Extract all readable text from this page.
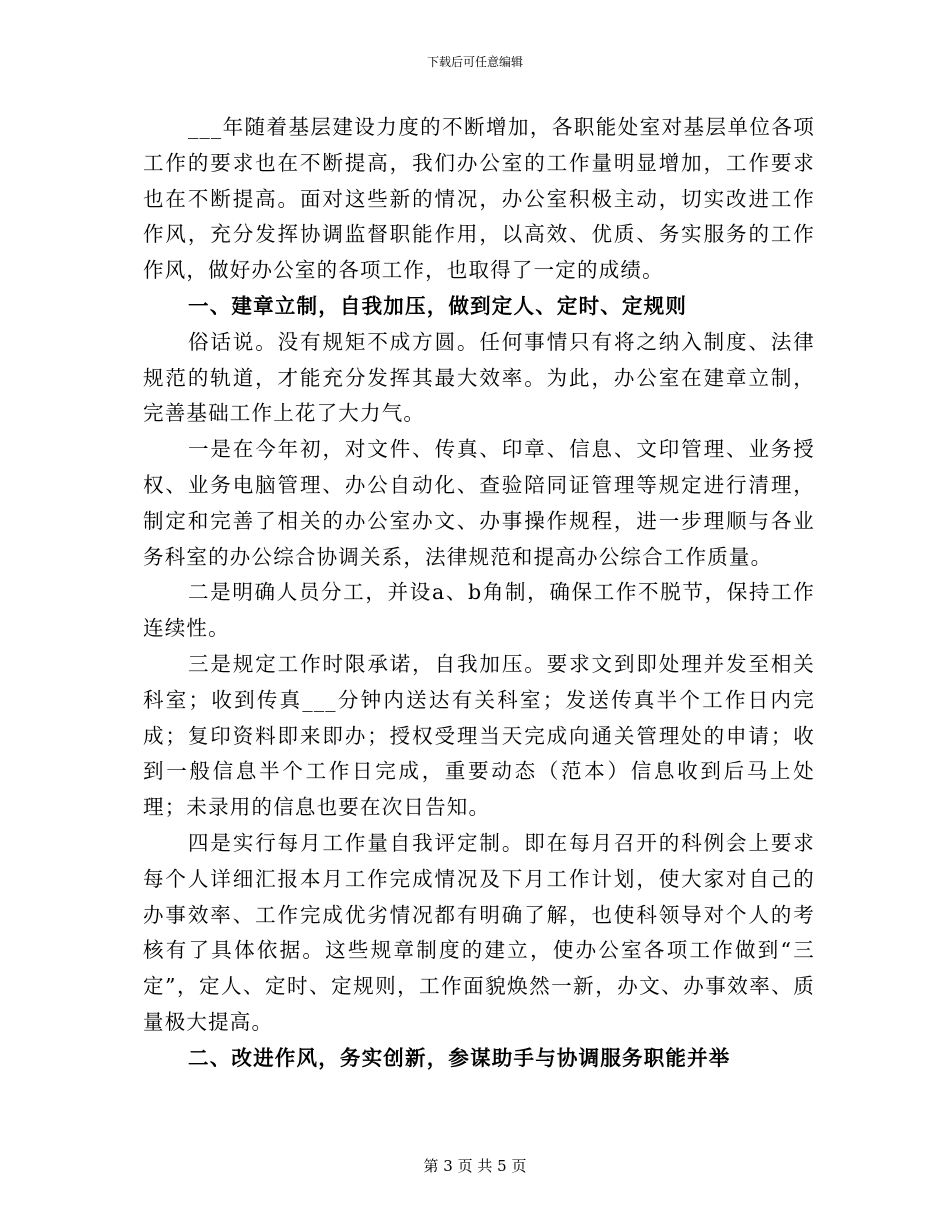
下载后可任意编辑

___年随着基层建设力度的不断增加，各职能处室对基层单位各项工作的要求也在不断提高，我们办公室的工作量明显增加，工作要求也在不断提高。面对这些新的情况，办公室积极主动，切实改进工作作风，充分发挥协调监督职能作用，以高效、优质、务实服务的工作作风，做好办公室的各项工作，也取得了一定的成绩。

一、建章立制，自我加压，做到定人、定时、定规则

俗话说。没有规矩不成方圆。任何事情只有将之纳入制度、法律规范的轨道，才能充分发挥其最大效率。为此，办公室在建章立制，完善基础工作上花了大力气。

一是在今年初，对文件、传真、印章、信息、文印管理、业务授权、业务电脑管理、办公自动化、查验陪同证管理等规定进行清理，制定和完善了相关的办公室办文、办事操作规程，进一步理顺与各业务科室的办公综合协调关系，法律规范和提高办公综合工作质量。

二是明确人员分工，并设a、b角制，确保工作不脱节，保持工作连续性。

三是规定工作时限承诺，自我加压。要求文到即处理并发至相关科室；收到传真___分钟内送达有关科室；发送传真半个工作日内完成；复印资料即来即办；授权受理当天完成向通关管理处的申请；收到一般信息半个工作日完成，重要动态（范本）信息收到后马上处理；未录用的信息也要在次日告知。

四是实行每月工作量自我评定制。即在每月召开的科例会上要求每个人详细汇报本月工作完成情况及下月工作计划，使大家对自己的办事效率、工作完成优劣情况都有明确了解，也使科领导对个人的考核有了具体依据。这些规章制度的建立，使办公室各项工作做到“三定”，定人、定时、定规则，工作面貌焕然一新，办文、办事效率、质量极大提高。

二、改进作风，务实创新，参谋助手与协调服务职能并举

第 3 页 共 5 页
